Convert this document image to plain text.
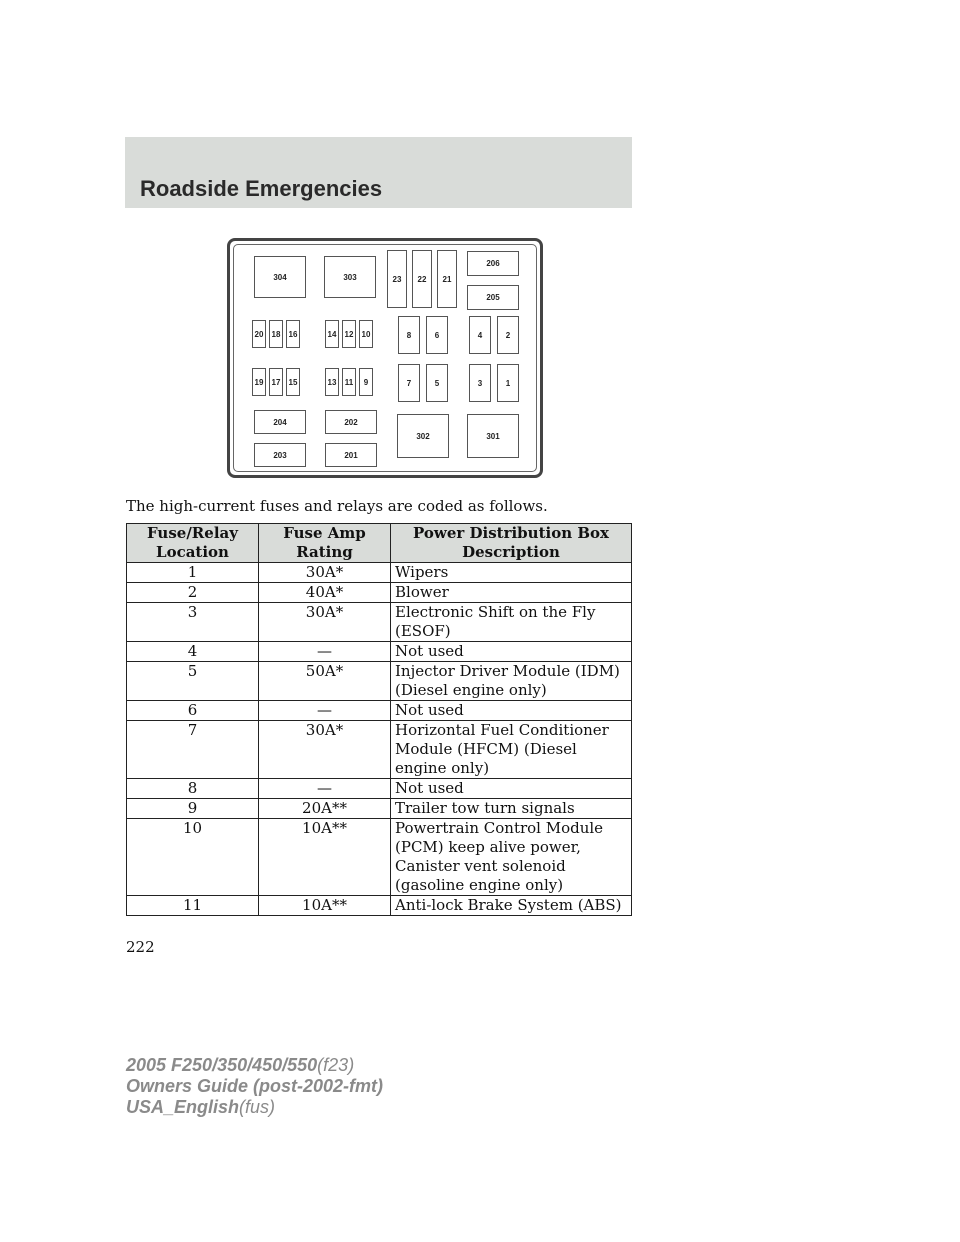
Roadside Emergencies
304	303	23	22	21
206
205
20	18	16	14	12	10	8	6	4	2
19	17	15	13	11	9	7	5	3	1
204	202
203	201
302	301

The high-current fuses and relays are coded as follows.

Fuse/Relay Location	Fuse Amp Rating	Power Distribution Box Description
1	30A*	Wipers
2	40A*	Blower
3	30A*	Electronic Shift on the Fly (ESOF)
4	—	Not used
5	50A*	Injector Driver Module (IDM) (Diesel engine only)
6	—	Not used
7	30A*	Horizontal Fuel Conditioner Module (HFCM) (Diesel engine only)
8	—	Not used
9	20A**	Trailer tow turn signals
10	10A**	Powertrain Control Module (PCM) keep alive power, Canister vent solenoid (gasoline engine only)
11	10A**	Anti-lock Brake System (ABS)

222

2005 F250/350/450/550(f23)
Owners Guide (post-2002-fmt)
USA_English(fus)
